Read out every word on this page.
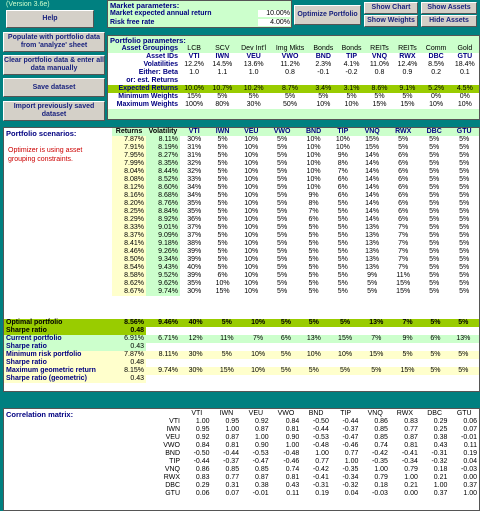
(Version 3.6e)
Help
Populate with portfolio data from 'analyze' sheet
Clear portfolio data & enter all data manually
Save dataset
Import previously saved dataset
Market parameters:
Market expected annual return	10.00%
Risk free rate	4.00%
Optimize Portfolio
Show Chart	Show Assets
Show Weights	Hide Assets
Portfolio parameters:
Asset Groupings	LCB	SCV	Dev Int'l	Img Mkts	Bonds	Bonds	REITs	REITs	Comm	Gold
Asset IDs	VTI	IWN	VEU	VWO	BND	TIP	VNQ	RWX	DBC	GTU
Volatilities	12.2%	14.5%	13.6%	11.2%	2.3%	4.1%	11.0%	12.4%	8.5%	18.4%
Either: Beta	1.0	1.1	1.0	0.8	-0.1	-0.2	0.8	0.9	0.2	0.1
or: est. Returns										
Expected Returns	10.0%	10.7%	10.2%	8.7%	3.4%	3.1%	8.6%	9.1%	5.2%	4.5%
Minimum Weights	15%	5%	5%	5%	5%	5%	5%	5%	0%	0%
Maximum Weights	100%	80%	30%	50%	10%	10%	15%	15%	10%	10%
Portfolio scenarios:
Optimizer is using asset grouping constraints.
Returns	Volatility	VTI	IWN	VEU	VWO	BND	TIP	VNQ	RWX	DBC	GTU
7.87%	8.11%	30%	5%	10%	5%	10%	10%	15%	5%	5%	5%
7.91%	8.19%	31%	5%	10%	5%	10%	10%	15%	5%	5%	5%
7.95%	8.27%	31%	5%	10%	5%	10%	9%	14%	6%	5%	5%
7.99%	8.35%	32%	5%	10%	5%	10%	8%	14%	6%	5%	5%
8.04%	8.44%	32%	5%	10%	5%	10%	7%	14%	6%	5%	5%
8.08%	8.52%	33%	5%	10%	5%	10%	6%	14%	6%	5%	5%
8.12%	8.60%	34%	5%	10%	5%	10%	6%	14%	6%	5%	5%
8.16%	8.68%	34%	5%	10%	5%	9%	6%	14%	6%	5%	5%
8.20%	8.76%	35%	5%	10%	5%	8%	5%	14%	6%	5%	5%
8.25%	8.84%	35%	5%	10%	5%	7%	5%	14%	6%	5%	5%
8.29%	8.92%	36%	5%	10%	5%	6%	5%	14%	6%	5%	5%
8.33%	9.01%	37%	5%	10%	5%	5%	5%	13%	7%	5%	5%
8.37%	9.09%	37%	5%	10%	5%	5%	5%	13%	7%	5%	5%
8.41%	9.18%	38%	5%	10%	5%	5%	5%	13%	7%	5%	5%
8.46%	9.26%	39%	5%	10%	5%	5%	5%	13%	7%	5%	5%
8.50%	9.34%	39%	5%	10%	5%	5%	5%	13%	7%	5%	5%
8.54%	9.43%	40%	5%	10%	5%	5%	5%	13%	7%	5%	5%
8.58%	9.52%	39%	6%	10%	5%	5%	5%	9%	11%	5%	5%
8.62%	9.62%	35%	10%	10%	5%	5%	5%	5%	15%	5%	5%
8.67%	9.74%	30%	15%	10%	5%	5%	5%	5%	15%	5%	5%
Optimal portfolio	8.56%	9.46%	40%	5%	10%	5%	5%	5%	13%	7%	5%	5%
Sharpe ratio	0.48											
Current portfolio	6.91%	6.71%	12%	11%	7%	6%	13%	15%	7%	9%	6%	13%
Sharpe ratio	0.43											
Minimum risk portfolio	7.87%	8.11%	30%	5%	10%	5%	10%	10%	15%	5%	5%	5%
Sharpe ratio	0.48											
Maximum geometric return	8.15%	9.74%	30%	15%	10%	5%	5%	5%	5%	15%	5%	5%
Sharpe ratio (geometric)	0.43											
Correlation matrix:
		VTI	IWN	VEU	VWO	BND	TIP	VNQ	RWX	DBC	GTU
VTI	1.00	0.95	0.92	0.84	-0.50	-0.44	0.86	0.83	0.29	0.06
IWN	0.95	1.00	0.87	0.81	-0.44	-0.37	0.85	0.77	0.25	0.07
VEU	0.92	0.87	1.00	0.90	-0.53	-0.47	0.85	0.87	0.38	-0.01
VWO	0.84	0.81	0.90	1.00	-0.48	-0.46	0.74	0.81	0.43	0.11
BND	-0.50	-0.44	-0.53	-0.48	1.00	0.77	-0.42	-0.41	-0.31	0.19
TIP	-0.44	-0.37	-0.47	-0.46	0.77	1.00	-0.35	-0.34	-0.32	0.04
VNQ	0.86	0.85	0.85	0.74	-0.42	-0.35	1.00	0.79	0.18	-0.03
RWX	0.83	0.77	0.87	0.81	-0.41	-0.34	0.79	1.00	0.21	0.00
DBC	0.29	0.31	0.38	0.43	-0.31	-0.32	0.18	0.21	1.00	0.37
GTU	0.06	0.07	-0.01	0.11	0.19	0.04	-0.03	0.00	0.37	1.00
